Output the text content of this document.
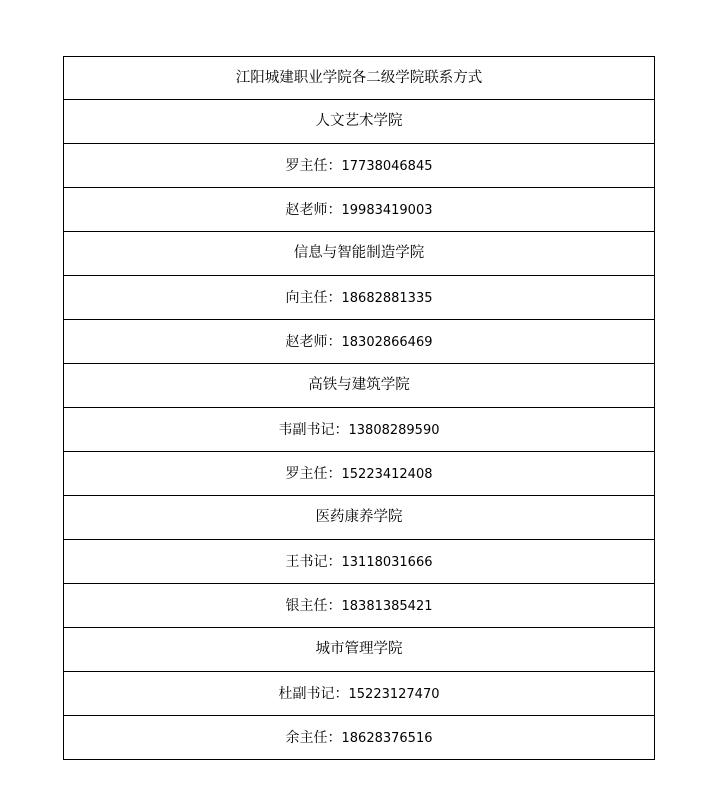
江阳城建职业学院各二级学院联系方式
人文艺术学院
罗主任：17738046845
赵老师：19983419003
信息与智能制造学院
向主任：18682881335
赵老师：18302866469
高铁与建筑学院
韦副书记：13808289590
罗主任：15223412408
医药康养学院
王书记：13118031666
银主任：18381385421
城市管理学院
杜副书记：15223127470
余主任：18628376516
